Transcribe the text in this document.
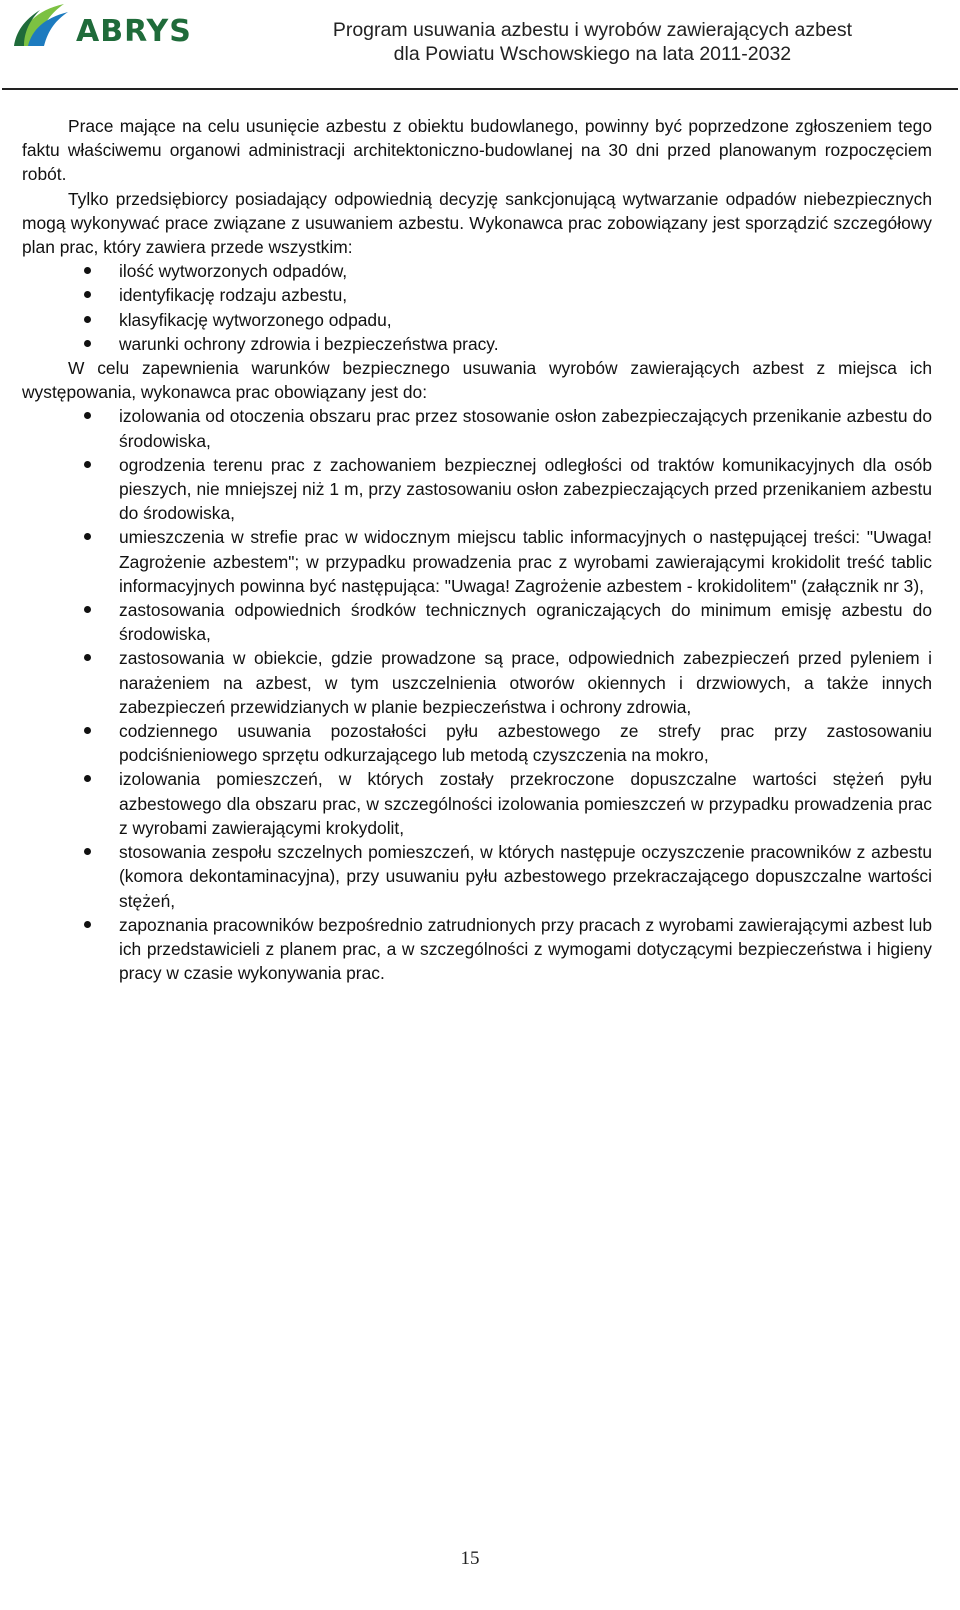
ABRYS	Program usuwania azbestu i wyrobów zawierających azbest
dla Powiatu Wschowskiego na lata 2011-2032

Prace mające na celu usunięcie azbestu z obiektu budowlanego, powinny być poprzedzone zgłoszeniem tego faktu właściwemu organowi administracji architektoniczno-budowlanej na 30 dni przed planowanym rozpoczęciem robót.

Tylko przedsiębiorcy posiadający odpowiednią decyzję sankcjonującą wytwarzanie odpadów niebezpiecznych mogą wykonywać prace związane z usuwaniem azbestu. Wykonawca prac zobowiązany jest sporządzić szczegółowy plan prac, który zawiera przede wszystkim:

ilość wytworzonych odpadów,
identyfikację rodzaju azbestu,
klasyfikację wytworzonego odpadu,
warunki ochrony zdrowia i bezpieczeństwa pracy.

W celu zapewnienia warunków bezpiecznego usuwania wyrobów zawierających azbest z miejsca ich występowania, wykonawca prac obowiązany jest do:

izolowania od otoczenia obszaru prac przez stosowanie osłon zabezpieczających przenikanie azbestu do środowiska,
ogrodzenia terenu prac z zachowaniem bezpiecznej odległości od traktów komunikacyjnych dla osób pieszych, nie mniejszej niż 1 m, przy zastosowaniu osłon zabezpieczających przed przenikaniem azbestu do środowiska,
umieszczenia w strefie prac w widocznym miejscu tablic informacyjnych o następującej treści: "Uwaga! Zagrożenie azbestem"; w przypadku prowadzenia prac z wyrobami zawierającymi krokidolit treść tablic informacyjnych powinna być następująca: "Uwaga! Zagrożenie azbestem - krokidolitem" (załącznik nr 3),
zastosowania odpowiednich środków technicznych ograniczających do minimum emisję azbestu do środowiska,
zastosowania w obiekcie, gdzie prowadzone są prace, odpowiednich zabezpieczeń przed pyleniem i narażeniem na azbest, w tym uszczelnienia otworów okiennych i drzwiowych, a także innych zabezpieczeń przewidzianych w planie bezpieczeństwa i ochrony zdrowia,
codziennego usuwania pozostałości pyłu azbestowego ze strefy prac przy zastosowaniu podciśnieniowego sprzętu odkurzającego lub metodą czyszczenia na mokro,
izolowania pomieszczeń, w których zostały przekroczone dopuszczalne wartości stężeń pyłu azbestowego dla obszaru prac, w szczególności izolowania pomieszczeń w przypadku prowadzenia prac z wyrobami zawierającymi krokydolit,
stosowania zespołu szczelnych pomieszczeń, w których następuje oczyszczenie pracowników z azbestu (komora dekontaminacyjna), przy usuwaniu pyłu azbestowego przekraczającego dopuszczalne wartości stężeń,
zapoznania pracowników bezpośrednio zatrudnionych przy pracach z wyrobami zawierającymi azbest lub ich przedstawicieli z planem prac, a w szczególności z wymogami dotyczącymi bezpieczeństwa i higieny pracy w czasie wykonywania prac.
15
